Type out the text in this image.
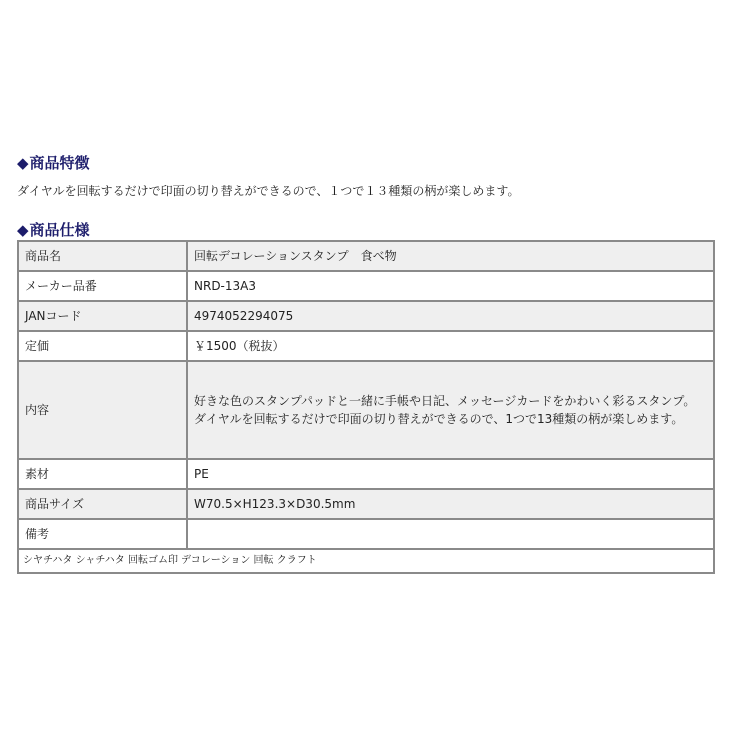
◆商品特徴
ダイヤルを回転するだけで印面の切り替えができるので、１つで１３種類の柄が楽しめます。
◆商品仕様
商品名	回転デコレーションスタンプ　食べ物
メーカー品番	NRD-13A3
JANコード	4974052294075
定価	￥1500（税抜）
内容	好きな色のスタンプパッドと一緒に手帳や日記、メッセージカードをかわいく彩るスタンプ。
ダイヤルを回転するだけで印面の切り替えができるので、1つで13種類の柄が楽しめます。
素材	PE
商品サイズ	W70.5×H123.3×D30.5mm
備考	
シヤチハタ シャチハタ 回転ゴム印 デコレーション 回転 クラフト	
